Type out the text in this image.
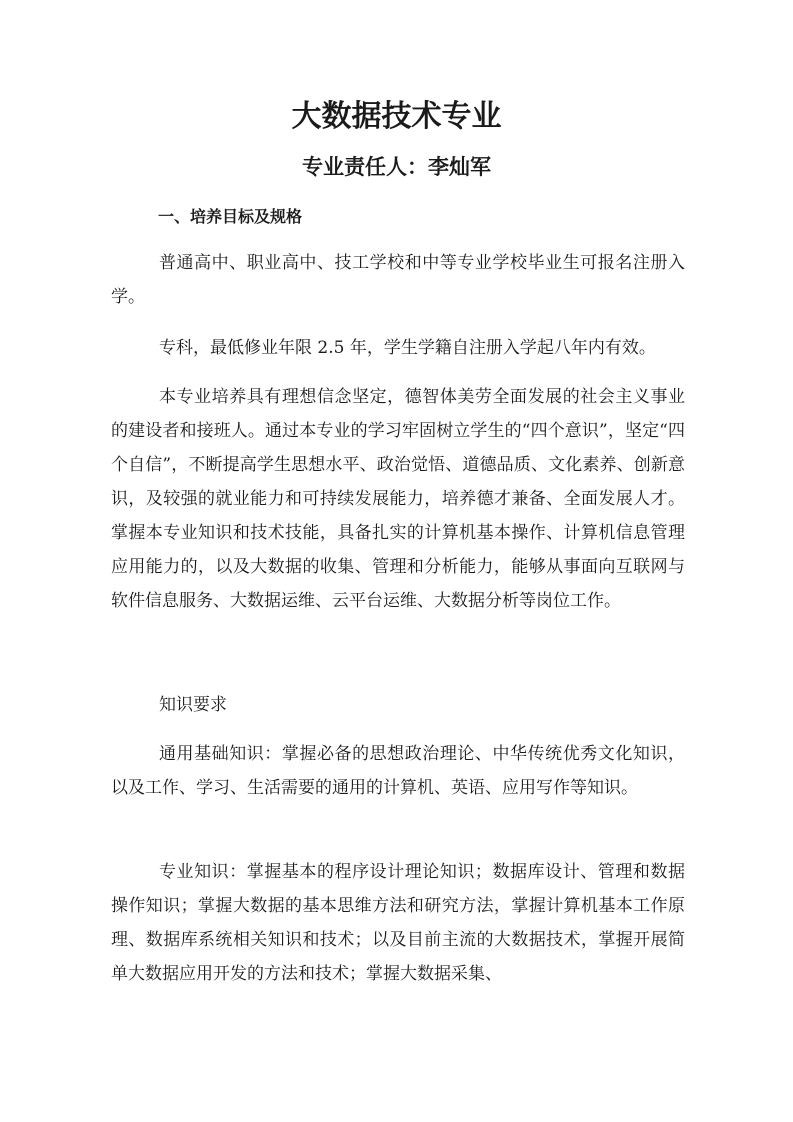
大数据技术专业
专业责任人：李灿军
一、培养目标及规格

普通高中、职业高中、技工学校和中等专业学校毕业生可报名注册入学。

专科，最低修业年限 2.5 年，学生学籍自注册入学起八年内有效。

本专业培养具有理想信念坚定，德智体美劳全面发展的社会主义事业的建设者和接班人。通过本专业的学习牢固树立学生的“四个意识”，坚定“四个自信”，不断提高学生思想水平、政治觉悟、道德品质、文化素养、创新意识，及较强的就业能力和可持续发展能力，培养德才兼备、全面发展人才。掌握本专业知识和技术技能，具备扎实的计算机基本操作、计算机信息管理应用能力的，以及大数据的收集、管理和分析能力，能够从事面向互联网与软件信息服务、大数据运维、云平台运维、大数据分析等岗位工作。

知识要求

通用基础知识：掌握必备的思想政治理论、中华传统优秀文化知识，以及工作、学习、生活需要的通用的计算机、英语、应用写作等知识。

专业知识：掌握基本的程序设计理论知识；数据库设计、管理和数据操作知识；掌握大数据的基本思维方法和研究方法，掌握计算机基本工作原理、数据库系统相关知识和技术；以及目前主流的大数据技术，掌握开展简单大数据应用开发的方法和技术；掌握大数据采集、
